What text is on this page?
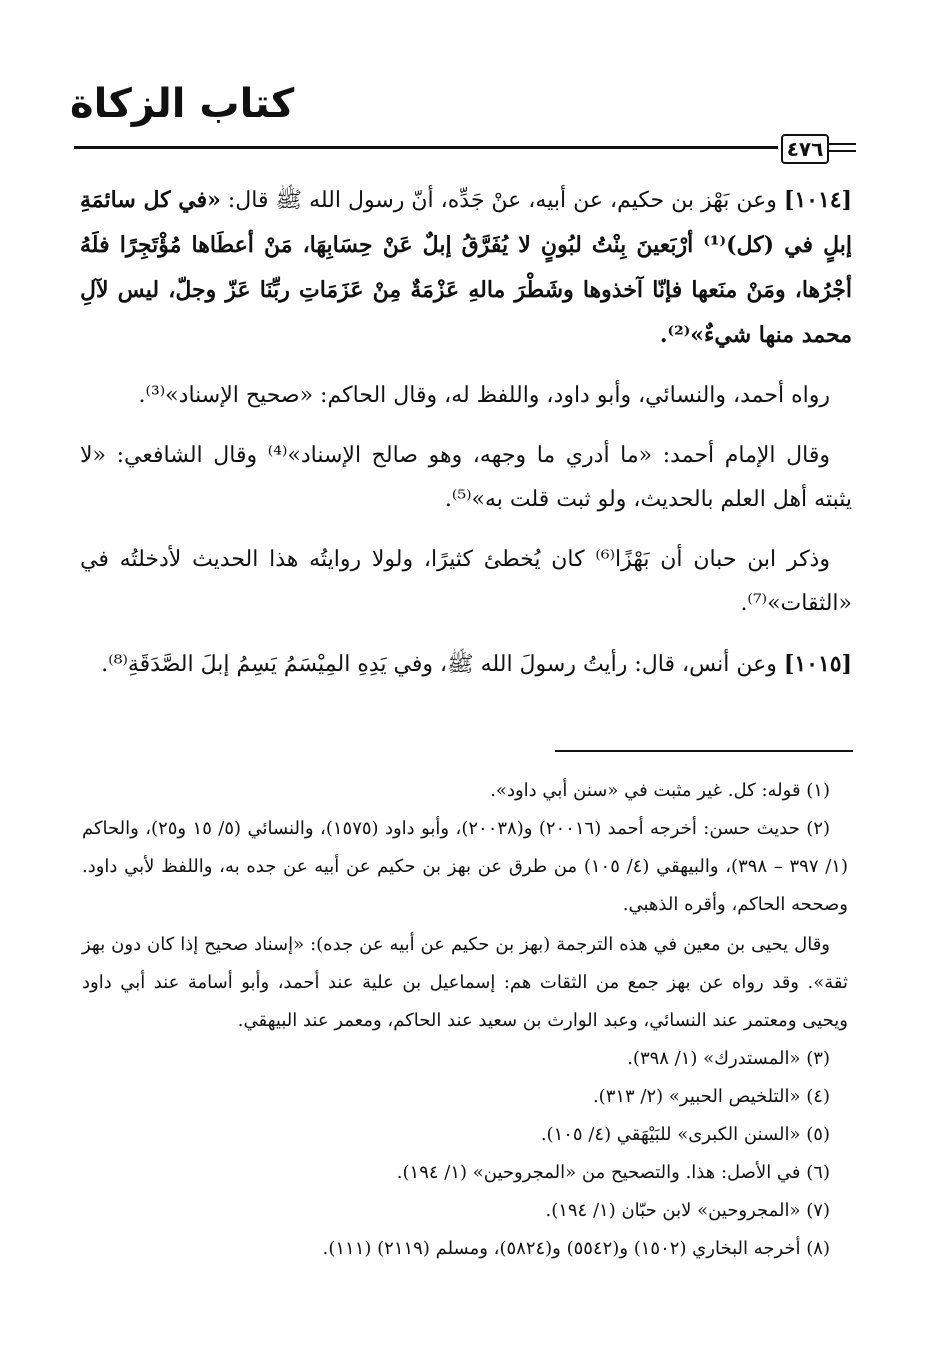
كتاب الزكاة
٤٧٦

[١٠١٤] وعن بَهْز بن حكيم، عن أبيه، عنْ جَدِّه، أنّ رسول الله ﷺ قال: «في كل سائمَةِ إبلٍ في (كل)⁽¹⁾ أرْبَعينَ بِنْتُ لبُونٍ لا يُفَرَّقُ إبلٌ عَنْ حِسَابِهَا، مَنْ أعطَاها مُؤْتَجِرًا فلَهُ أجْرُها، ومَنْ منَعها فإنّا آخذوها وشَطْرَ مالهِ عَزْمَةٌ مِنْ عَزَمَاتِ ربِّنَا عَزّ وجلّ، ليس لآلِ محمد منها شيءٌ»⁽²⁾.

رواه أحمد، والنسائي، وأبو داود، واللفظ له، وقال الحاكم: «صحيح الإسناد»⁽³⁾.

وقال الإمام أحمد: «ما أدري ما وجهه، وهو صالح الإسناد»⁽⁴⁾ وقال الشافعي: «لا يثبته أهل العلم بالحديث، ولو ثبت قلت به»⁽⁵⁾.

وذكر ابن حبان أن بَهْزًا⁽⁶⁾ كان يُخطئ كثيرًا، ولولا روايتُه هذا الحديث لأدخلتُه في «الثقات»⁽⁷⁾.

[١٠١٥] وعن أنس، قال: رأيتُ رسولَ الله ﷺ، وفي يَدِهِ المِيْسَمُ يَسِمُ إبلَ الصَّدَقَةِ⁽⁸⁾.

(١) قوله: كل. غير مثبت في «سنن أبي داود».

(٢) حديث حسن: أخرجه أحمد (٢٠٠١٦) و(٢٠٠٣٨)، وأبو داود (١٥٧٥)، والنسائي (٥/ ١٥ و٢٥)، والحاكم (١/ ٣٩٧ – ٣٩٨)، والبيهقي (٤/ ١٠٥) من طرق عن بهز بن حكيم عن أبيه عن جده به، واللفظ لأبي داود. وصححه الحاكم، وأقره الذهبي.

وقال يحيى بن معين في هذه الترجمة (بهز بن حكيم عن أبيه عن جده): «إسناد صحيح إذا كان دون بهز ثقة». وقد رواه عن بهز جمع من الثقات هم: إسماعيل بن علية عند أحمد، وأبو أسامة عند أبي داود ويحيى ومعتمر عند النسائي، وعبد الوارث بن سعيد عند الحاكم، ومعمر عند البيهقي.

(٣) «المستدرك» (١/ ٣٩٨).

(٤) «التلخيص الحبير» (٢/ ٣١٣).

(٥) «السنن الكبرى» للبَيْهَقي (٤/ ١٠٥).

(٦) في الأصل: هذا. والتصحيح من «المجروحين» (١/ ١٩٤).

(٧) «المجروحين» لابن حبّان (١/ ١٩٤).

(٨) أخرجه البخاري (١٥٠٢) و(٥٥٤٢) و(٥٨٢٤)، ومسلم (٢١١٩) (١١١).
